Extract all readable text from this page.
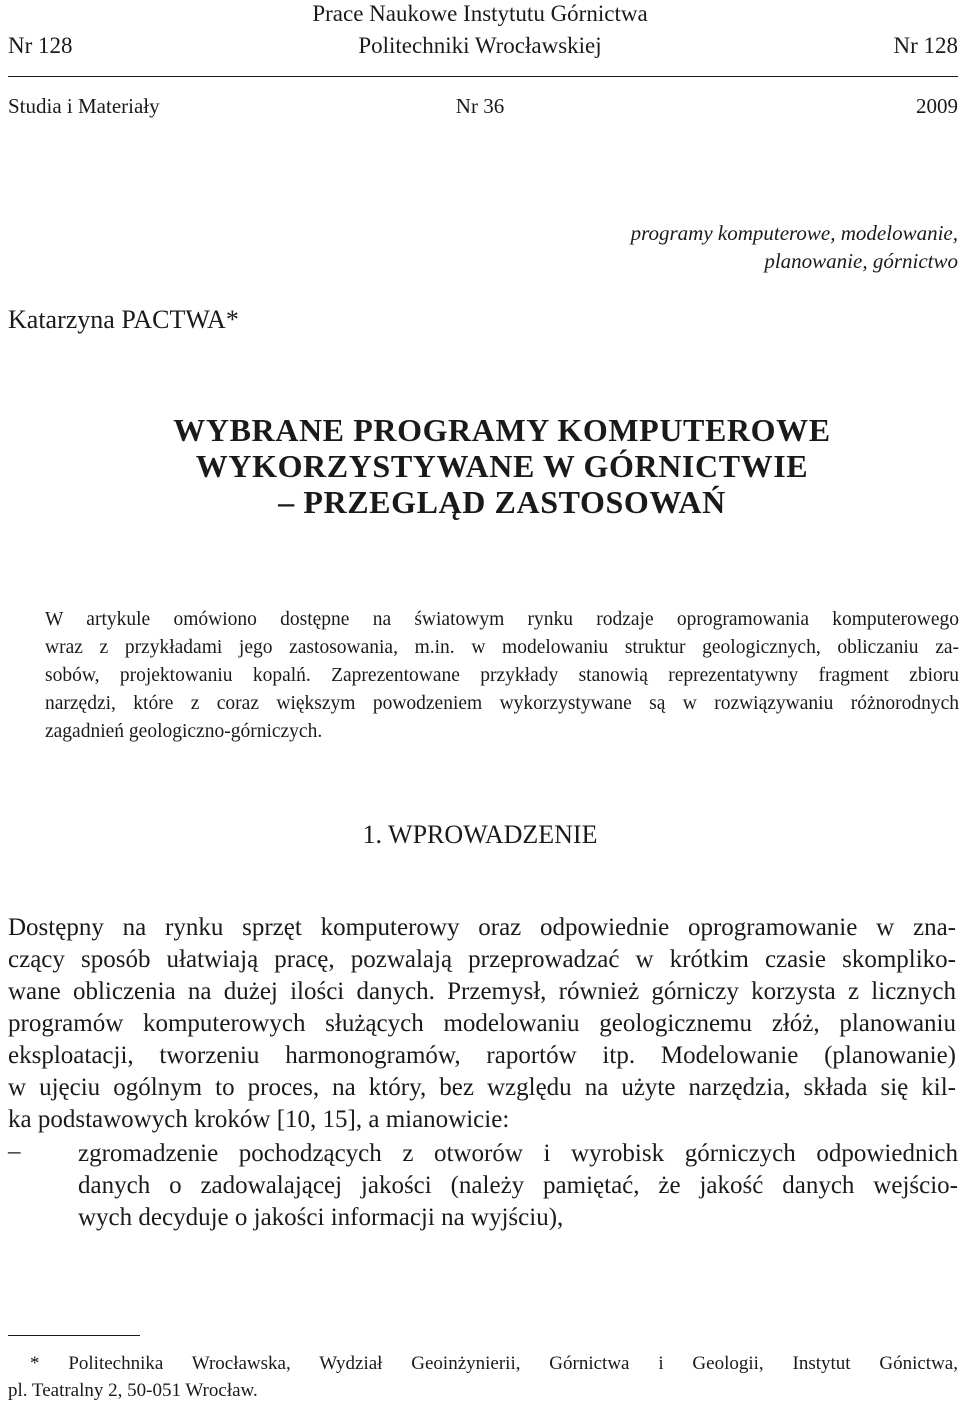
Prace Naukowe Instytutu Górnictwa
Nr 128	Politechniki Wrocławskiej	Nr 128
Studia i Materiały	Nr 36	2009
programy komputerowe, modelowanie,
planowanie, górnictwo
Katarzyna PACTWA*
WYBRANE PROGRAMY KOMPUTEROWE
WYKORZYSTYWANE W GÓRNICTWIE
– PRZEGLĄD ZASTOSOWAŃ
W artykule omówiono dostępne na światowym rynku rodzaje oprogramowania komputerowego
wraz z przykładami jego zastosowania, m.in. w modelowaniu struktur geologicznych, obliczaniu za-
sobów, projektowaniu kopalń. Zaprezentowane przykłady stanowią reprezentatywny fragment zbioru
narzędzi, które z coraz większym powodzeniem wykorzystywane są w rozwiązywaniu różnorodnych
zagadnień geologiczno-górniczych.
1. WPROWADZENIE
Dostępny na rynku sprzęt komputerowy oraz odpowiednie oprogramowanie w zna-
czący sposób ułatwiają pracę, pozwalają przeprowadzać w krótkim czasie skompliko-
wane obliczenia na dużej ilości danych. Przemysł, również górniczy korzysta z licznych
programów komputerowych służących modelowaniu geologicznemu złóż, planowaniu
eksploatacji, tworzeniu harmonogramów, raportów itp. Modelowanie (planowanie)
w ujęciu ogólnym to proces, na który, bez względu na użyte narzędzia, składa się kil-
ka podstawowych kroków [10, 15], a mianowicie:
– zgromadzenie pochodzących z otworów i wyrobisk górniczych odpowiednich
danych o zadowalającej jakości (należy pamiętać, że jakość danych wejścio-
wych decyduje o jakości informacji na wyjściu),
* Politechnika Wrocławska, Wydział Geoinżynierii, Górnictwa i Geologii, Instytut Gónictwa,
pl. Teatralny 2, 50-051 Wrocław.
